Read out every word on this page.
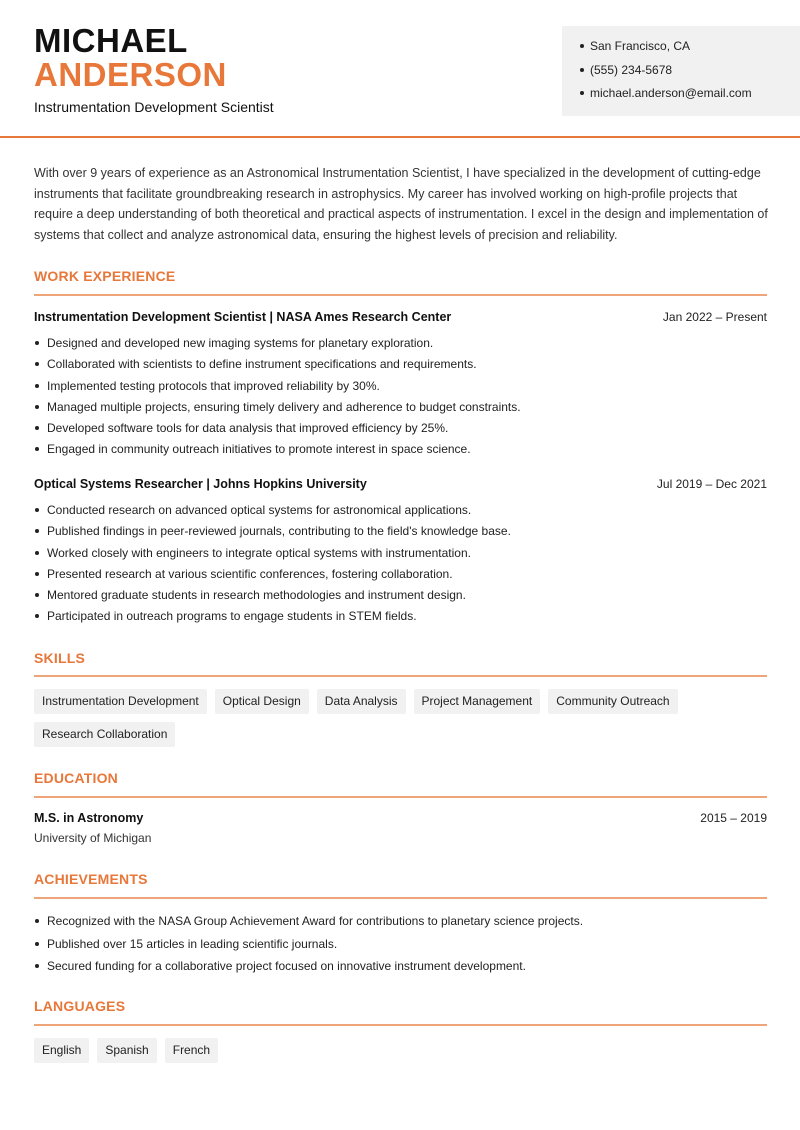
MICHAEL
ANDERSON
Instrumentation Development Scientist
San Francisco, CA
(555) 234-5678
michael.anderson@email.com

With over 9 years of experience as an Astronomical Instrumentation Scientist, I have specialized in the development of cutting-edge instruments that facilitate groundbreaking research in astrophysics. My career has involved working on high-profile projects that require a deep understanding of both theoretical and practical aspects of instrumentation. I excel in the design and implementation of systems that collect and analyze astronomical data, ensuring the highest levels of precision and reliability.

WORK EXPERIENCE
Instrumentation Development Scientist | NASA Ames Research Center	Jan 2022 – Present
Designed and developed new imaging systems for planetary exploration.
Collaborated with scientists to define instrument specifications and requirements.
Implemented testing protocols that improved reliability by 30%.
Managed multiple projects, ensuring timely delivery and adherence to budget constraints.
Developed software tools for data analysis that improved efficiency by 25%.
Engaged in community outreach initiatives to promote interest in space science.
Optical Systems Researcher | Johns Hopkins University	Jul 2019 – Dec 2021
Conducted research on advanced optical systems for astronomical applications.
Published findings in peer-reviewed journals, contributing to the field's knowledge base.
Worked closely with engineers to integrate optical systems with instrumentation.
Presented research at various scientific conferences, fostering collaboration.
Mentored graduate students in research methodologies and instrument design.
Participated in outreach programs to engage students in STEM fields.
SKILLS
Instrumentation Development	Optical Design	Data Analysis	Project Management	Community Outreach
Research Collaboration
EDUCATION
M.S. in Astronomy	2015 – 2019
University of Michigan
ACHIEVEMENTS
Recognized with the NASA Group Achievement Award for contributions to planetary science projects.
Published over 15 articles in leading scientific journals.
Secured funding for a collaborative project focused on innovative instrument development.
LANGUAGES
English	Spanish	French
